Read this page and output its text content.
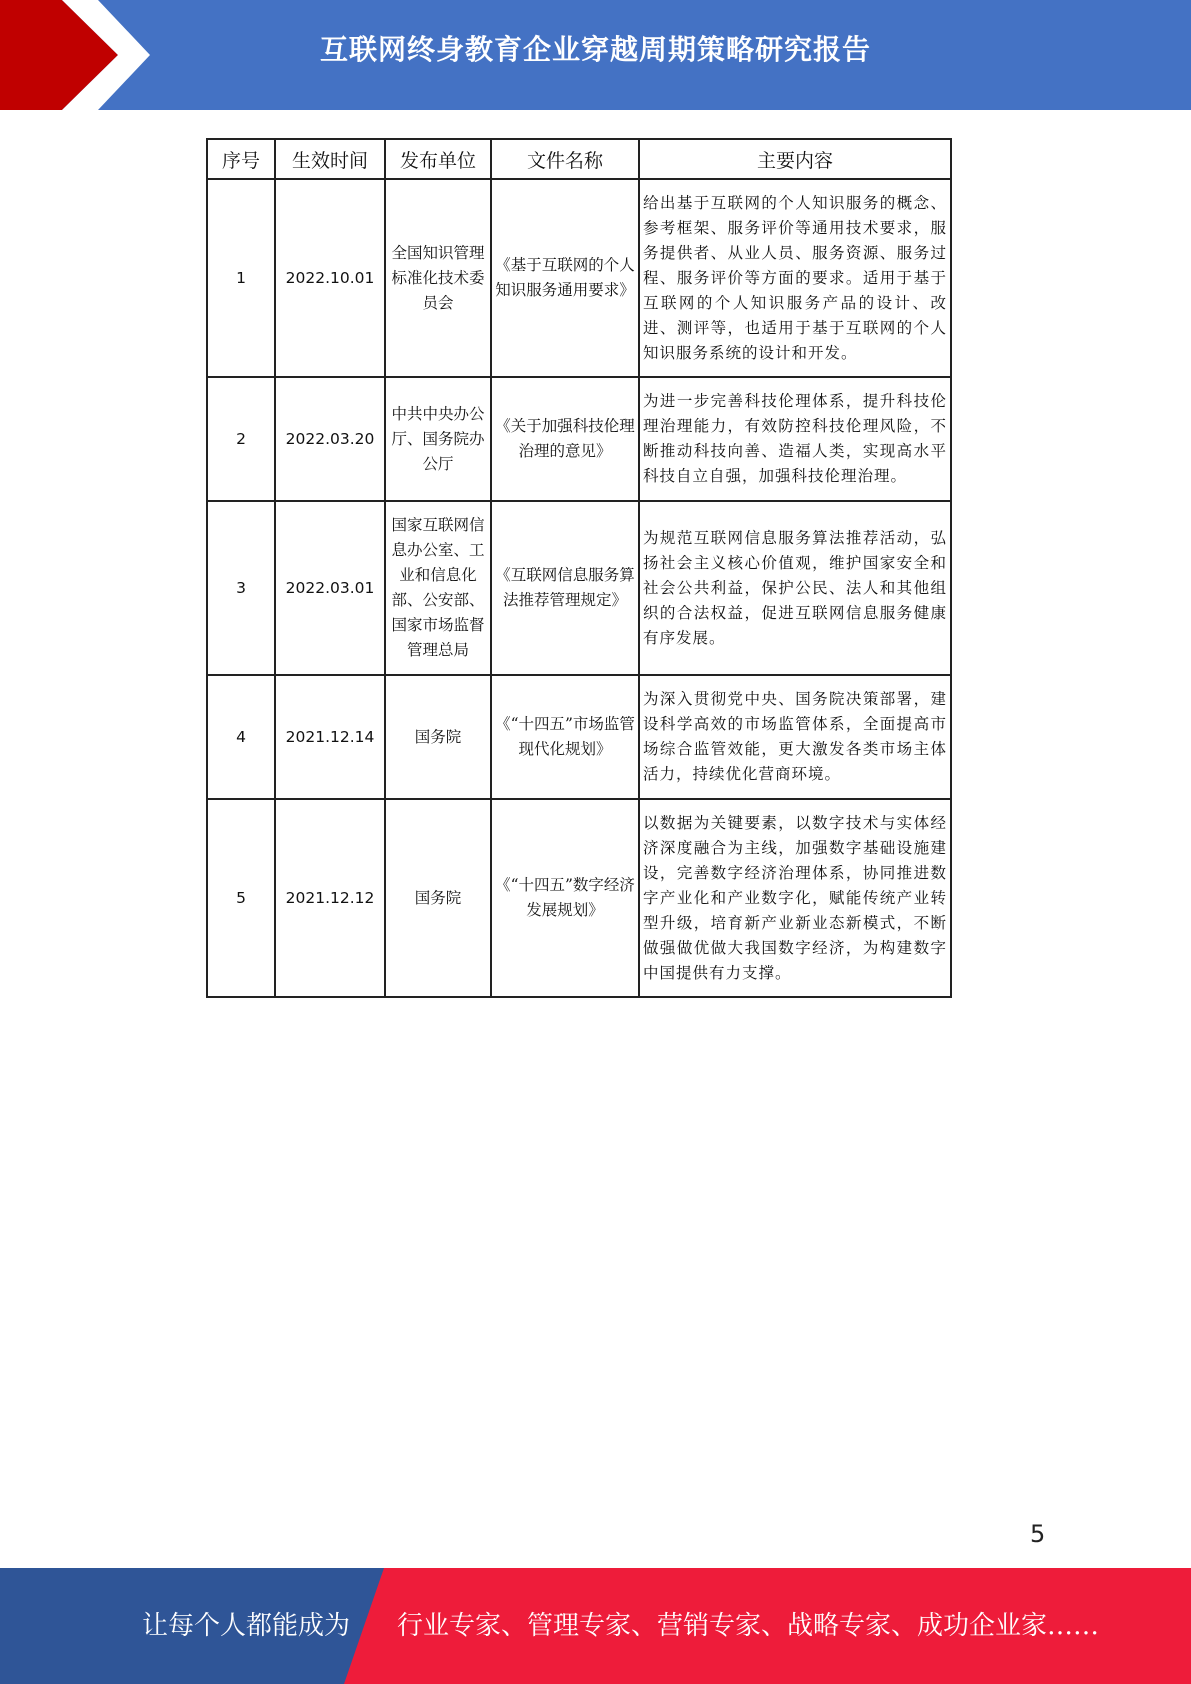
互联网终身教育企业穿越周期策略研究报告
序号	生效时间	发布单位	文件名称	主要内容
1	2022.10.01	全国知识管理标准化技术委员会	《基于互联网的个人知识服务通用要求》	给出基于互联网的个人知识服务的概念、参考框架、服务评价等通用技术要求，服务提供者、从业人员、服务资源、服务过程、服务评价等方面的要求。适用于基于互联网的个人知识服务产品的设计、改进、测评等，也适用于基于互联网的个人知识服务系统的设计和开发。
2	2022.03.20	中共中央办公厅、国务院办公厅	《关于加强科技伦理治理的意见》	为进一步完善科技伦理体系，提升科技伦理治理能力，有效防控科技伦理风险，不断推动科技向善、造福人类，实现高水平科技自立自强，加强科技伦理治理。
3	2022.03.01	国家互联网信息办公室、工业和信息化部、公安部、国家市场监督管理总局	《互联网信息服务算法推荐管理规定》	为规范互联网信息服务算法推荐活动，弘扬社会主义核心价值观，维护国家安全和社会公共利益，保护公民、法人和其他组织的合法权益，促进互联网信息服务健康有序发展。
4	2021.12.14	国务院	《“十四五”市场监管现代化规划》	为深入贯彻党中央、国务院决策部署，建设科学高效的市场监管体系，全面提高市场综合监管效能，更大激发各类市场主体活力，持续优化营商环境。
5	2021.12.12	国务院	《“十四五”数字经济发展规划》	以数据为关键要素，以数字技术与实体经济深度融合为主线，加强数字基础设施建设，完善数字经济治理体系，协同推进数字产业化和产业数字化，赋能传统产业转型升级，培育新产业新业态新模式，不断做强做优做大我国数字经济，为构建数字中国提供有力支撑。
5
让每个人都能成为 行业专家、管理专家、营销专家、战略专家、成功企业家……
